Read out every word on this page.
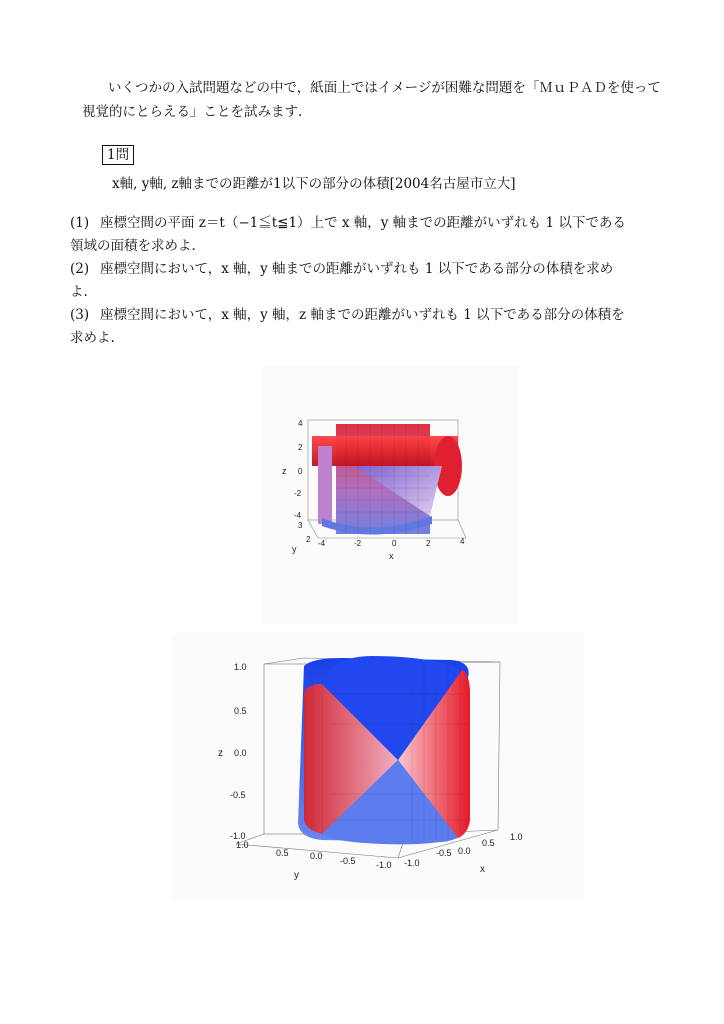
いくつかの入試問題などの中で，紙面上ではイメージが困難な問題を「ＭｕＰＡＤを使って視覚的にとらえる」ことを試みます.
1問
x軸, y軸, z軸までの距離が1以下の部分の体積[2004名古屋市立大]
(1) 座標空間の平面 z＝t（−1≦t≦1）上で x 軸，y 軸までの距離がいずれも 1 以下である領域の面積を求めよ.
(2) 座標空間において，x 軸，y 軸までの距離がいずれも 1 以下である部分の体積を求めよ.
(3) 座標空間において，x 軸，y 軸，z 軸までの距離がいずれも 1 以下である部分の体積を求めよ.
4
2
0
-2
-4
z
3
2
y
-4	-2	0	2	4
x
1.0
0.5
0.0
-0.5
-1.0
z
1.0
0.5 0.0 -0.5 -1.0
y
-1.0
-0.5 0.0
0.5
1.0
x
